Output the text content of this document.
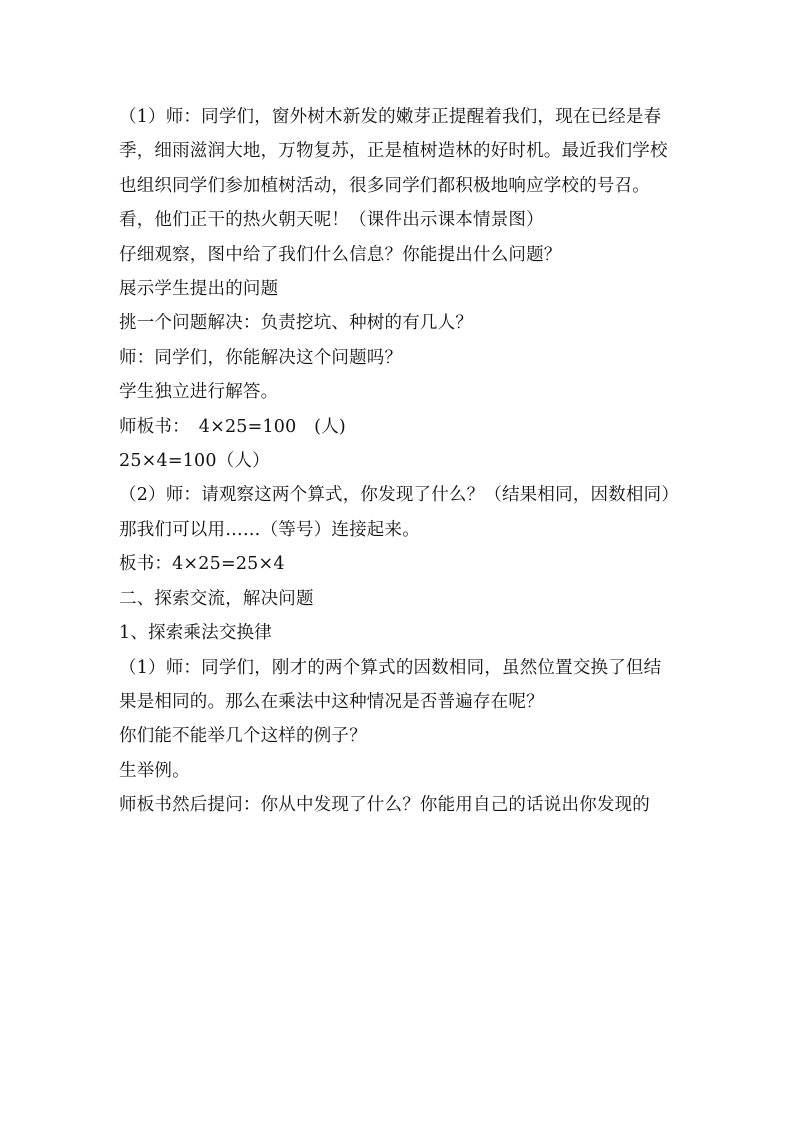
（1）师：同学们，窗外树木新发的嫩芽正提醒着我们，现在已经是春季，细雨滋润大地，万物复苏，正是植树造林的好时机。最近我们学校也组织同学们参加植树活动，很多同学们都积极地响应学校的号召。看，他们正干的热火朝天呢！（课件出示课本情景图）

仔细观察，图中给了我们什么信息？你能提出什么问题？

展示学生提出的问题

挑一个问题解决：负责挖坑、种树的有几人？

师：同学们，你能解决这个问题吗？

学生独立进行解答。

师板书：　4×25=100　(人)

25×4=100（人）

（2）师：请观察这两个算式，你发现了什么？（结果相同，因数相同）

那我们可以用……（等号）连接起来。

板书：4×25=25×4

二、探索交流，解决问题

1、探索乘法交换律

（1）师：同学们，刚才的两个算式的因数相同，虽然位置交换了但结果是相同的。那么在乘法中这种情况是否普遍存在呢？

你们能不能举几个这样的例子？

生举例。

师板书然后提问：你从中发现了什么？你能用自己的话说出你发现的
